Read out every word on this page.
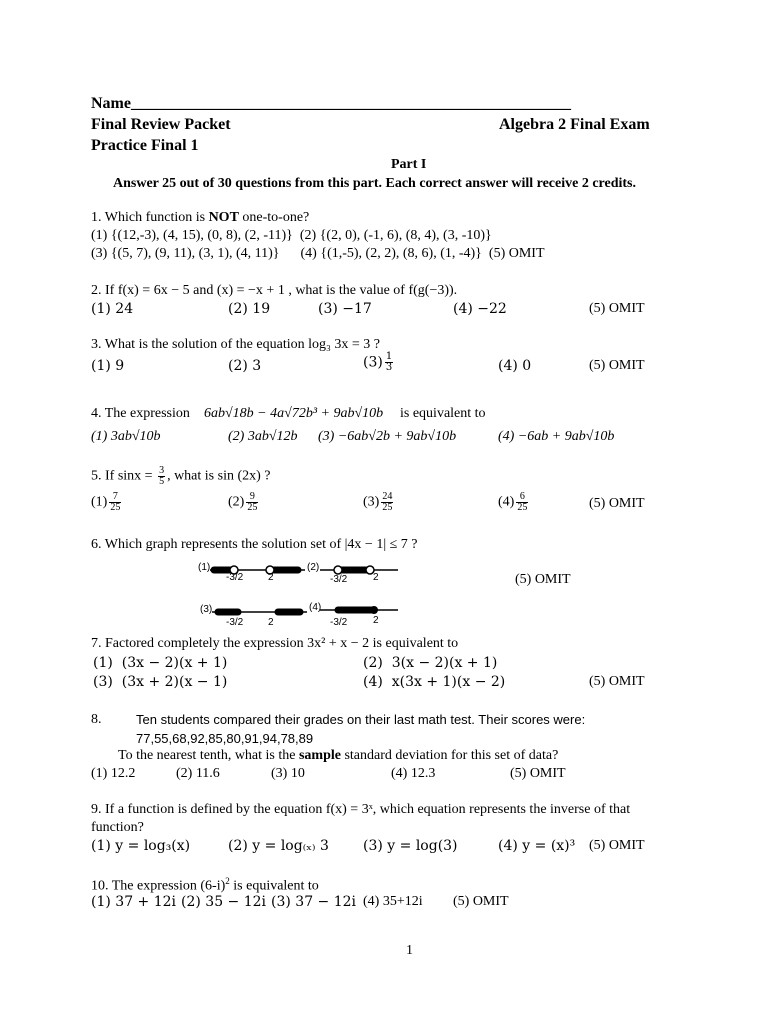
Name_______________________________________________________
Final Review Packet	Algebra 2 Final Exam
Practice Final 1
Part I
Answer 25 out of 30 questions from this part. Each correct answer will receive 2 credits.
1. Which function is NOT one-to-one?
(1) {(12,-3), (4, 15), (0, 8), (2, -11)}  (2) {(2, 0), (-1, 6), (8, 4), (3, -10)}
(3) {(5, 7), (9, 11), (3, 1), (4, 11)}      (4) {(1,-5), (2, 2), (8, 6), (1, -4)}  (5) OMIT
2. If f(x) = 6x − 5 and (x) = −x + 1 , what is the value of f(g(−3)).
(1) 24	(2) 19	(3) −17	(4) −22	(5) OMIT
3. What is the solution of the equation log₃ 3x = 3 ?
(1) 9	(2) 3	$(3) \frac{1}{3}$	(4) 0	(5) OMIT
4. The expression 6ab√18b − 4a√72b³ + 9ab√10b is equivalent to
(1) 3ab√10b	(2) 3ab√12b (3) −6ab√2b + 9ab√10b	(4) −6ab + 9ab√10b
5. If $\sin x = \frac{3}{5}$ , what is sin (2x) ?
$(1) \frac{7}{25}$	$(2) \frac{9}{25}$	$(3) \frac{24}{25}$	$(4) \frac{6}{25}$	(5) OMIT
6. Which graph represents the solution set of |4x − 1| ≤ 7 ?
(1)
-3/2 2
(2)
-3/2	2	(5) OMIT
(3)
-3/2 2
(4)
-3/2	2
7. Factored completely the expression 3x² + x − 2 is equivalent to
(1)  (3x − 2)(x + 1)	(2)  3(x − 2)(x + 1)
(3)  (3x + 2)(x − 1)	(4)  x(3x + 1)(x − 2)	(5) OMIT
8.	Ten students compared their grades on their last math test. Their scores were:
77,55,68,92,85,80,91,94,78,89
To the nearest tenth, what is the sample standard deviation for this set of data?
(1) 12.2	(2) 11.6	(3) 10	(4) 12.3	(5) OMIT
9. If a function is defined by the equation f(x) = 3ˣ, which equation represents the inverse of that
function?
(1) y = log₃(x)	(2) y = log₍ₓ₎ 3 (3) y = log(3)	(4) y = (x)³ (5) OMIT
10. The expression $(6-i)^2$ is equivalent to
(1) 37 + 12i (2) 35 − 12i (3) 37 − 12i (4) 35+12i (5) OMIT
1
